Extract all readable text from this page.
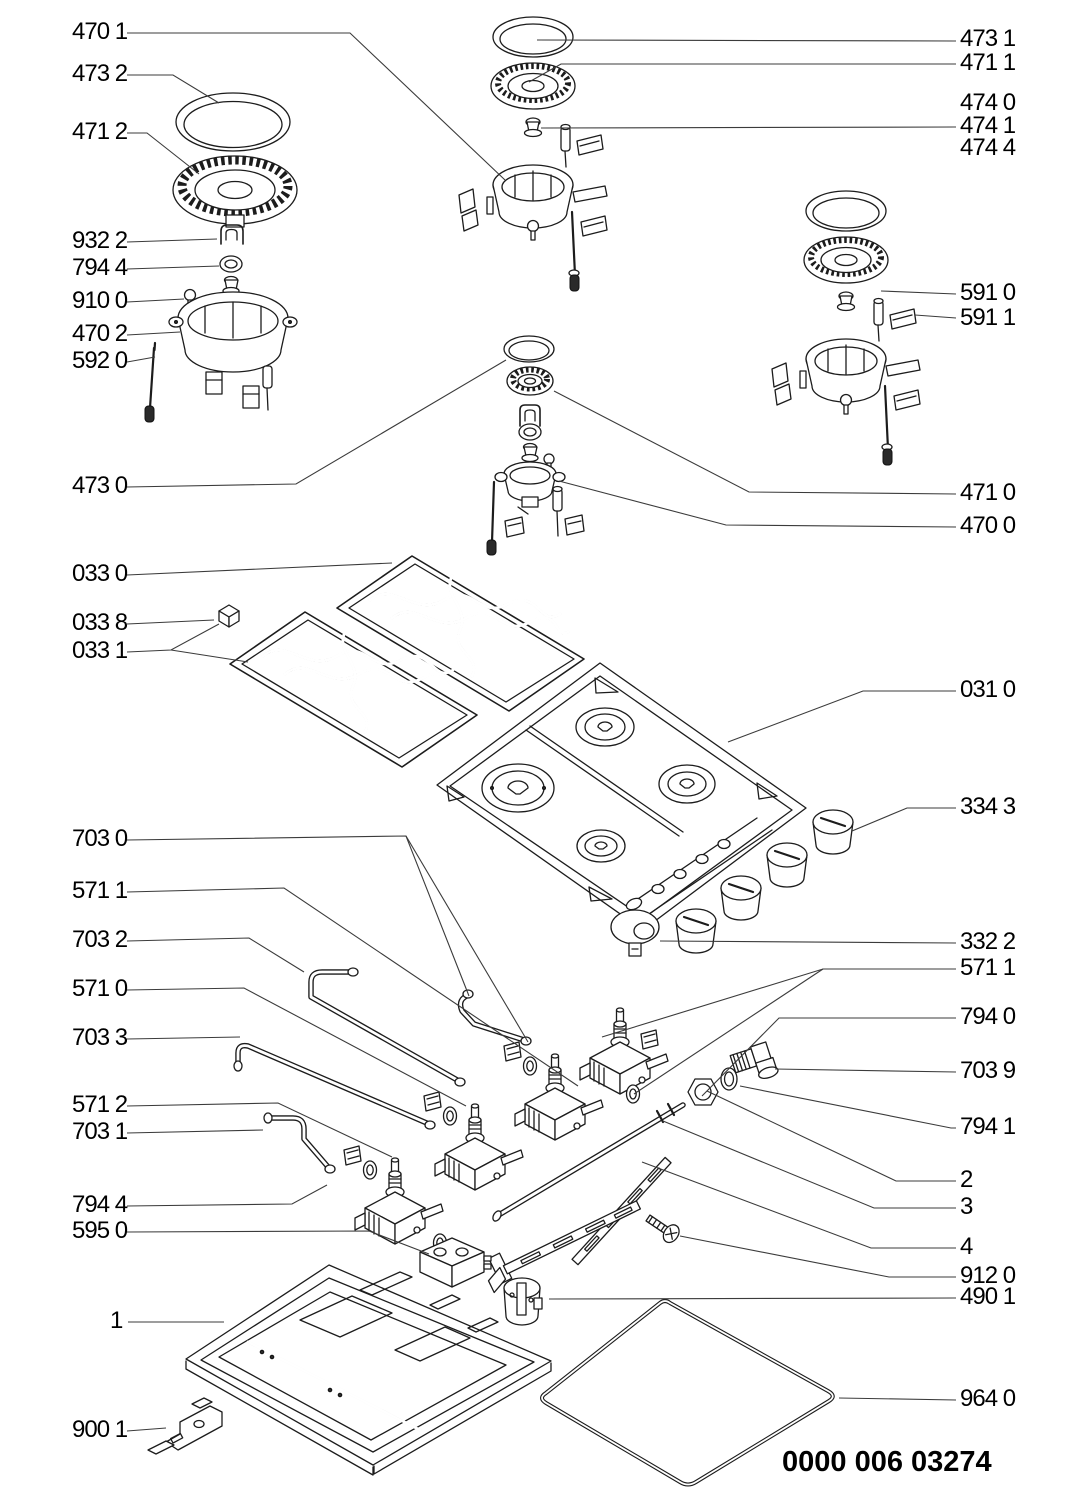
470 1
473 2
471 2
932 2
794 4
910 0
470 2
592 0
473 0
033 0
033 8
033 1
703 0
571 1
703 2
571 0
703 3
571 2
703 1
794 4
595 0
1
900 1
473 1
471 1
474 0
474 1
474 4
591 0
591 1
471 0
470 0
031 0
334 3
332 2
571 1
794 0
703 9
794 1
2
3
4
912 0
490 1
964 0
0000 006 03274
